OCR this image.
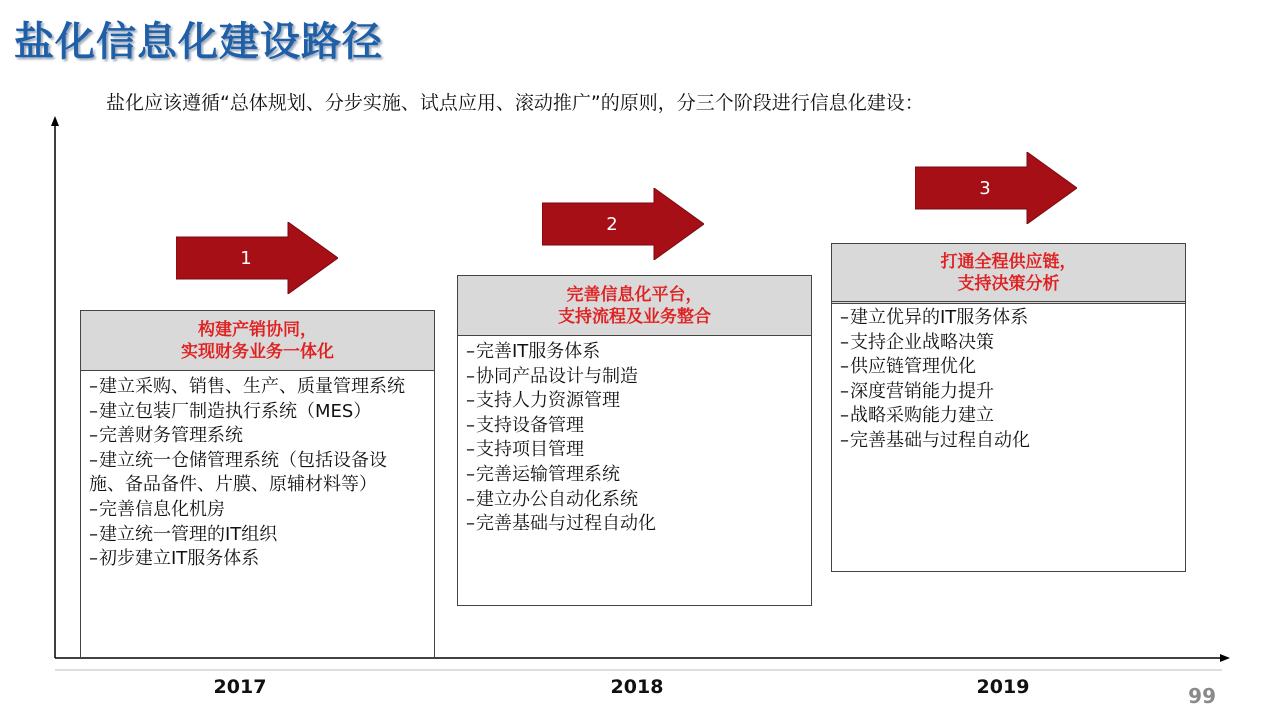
盐化信息化建设路径
盐化应该遵循“总体规划、分步实施、试点应用、滚动推广”的原则，分三个阶段进行信息化建设：
1
构建产销协同，
实现财务业务一体化
–建立采购、销售、生产、质量管理系统
–建立包装厂制造执行系统（MES）
–完善财务管理系统
–建立统一仓储管理系统（包括设备设施、备品备件、片膜、原辅材料等）
–完善信息化机房
–建立统一管理的IT组织
–初步建立IT服务体系
2017
2
完善信息化平台，
支持流程及业务整合
–完善IT服务体系
–协同产品设计与制造
–支持人力资源管理
–支持设备管理
–支持项目管理
–完善运输管理系统
–建立办公自动化系统
–完善基础与过程自动化
2018
3
打通全程供应链，
支持决策分析
–建立优异的IT服务体系
–支持企业战略决策
–供应链管理优化
–深度营销能力提升
–战略采购能力建立
–完善基础与过程自动化
2019	99
